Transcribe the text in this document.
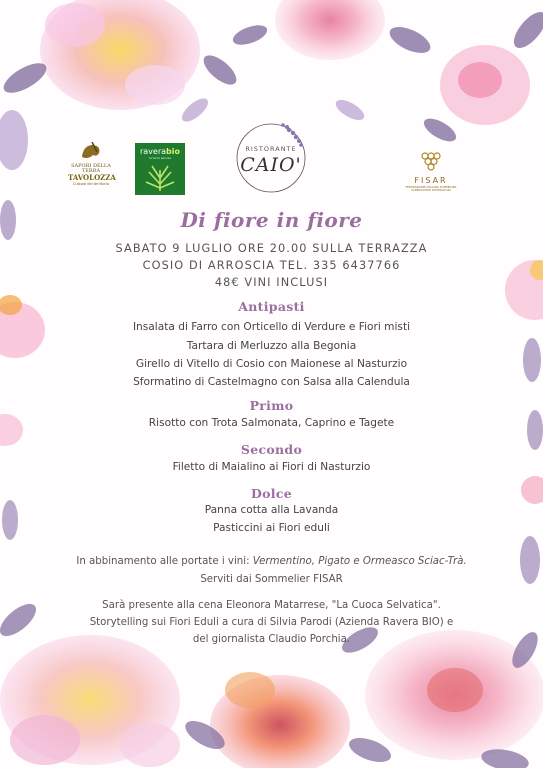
SAPORI DELLA TERRA
TAVOLOZZA
Custodi del territorio
raverabio
la terra aprosa
RISTORANTE
CAIO'
FISAR
FEDERAZIONE ITALIANA SOMMELIER ALBERGATORI RISTORATORI
Di fiore in fiore
SABATO 9 LUGLIO ORE 20.00 SULLA TERRAZZA
COSIO DI ARROSCIA TEL. 335 6437766
48€ VINI INCLUSI
Antipasti
Insalata di Farro con Orticello di Verdure e Fiori misti
Tartara di Merluzzo alla Begonia
Girello di Vitello di Cosio con Maionese al Nasturzio
Sformatino di Castelmagno con Salsa alla Calendula
Primo
Risotto con Trota Salmonata, Caprino e Tagete
Secondo
Filetto di Maialino ai Fiori di Nasturzio
Dolce
Panna cotta alla Lavanda
Pasticcini ai Fiori eduli
In abbinamento alle portate i vini: Vermentino, Pigato e Ormeasco Sciac-Trà.
Serviti dai Sommelier FISAR
Sarà presente alla cena Eleonora Matarrese, "La Cuoca Selvatica".
Storytelling sui Fiori Eduli a cura di Silvia Parodi (Azienda Ravera BIO) e
del giornalista Claudio Porchia.
